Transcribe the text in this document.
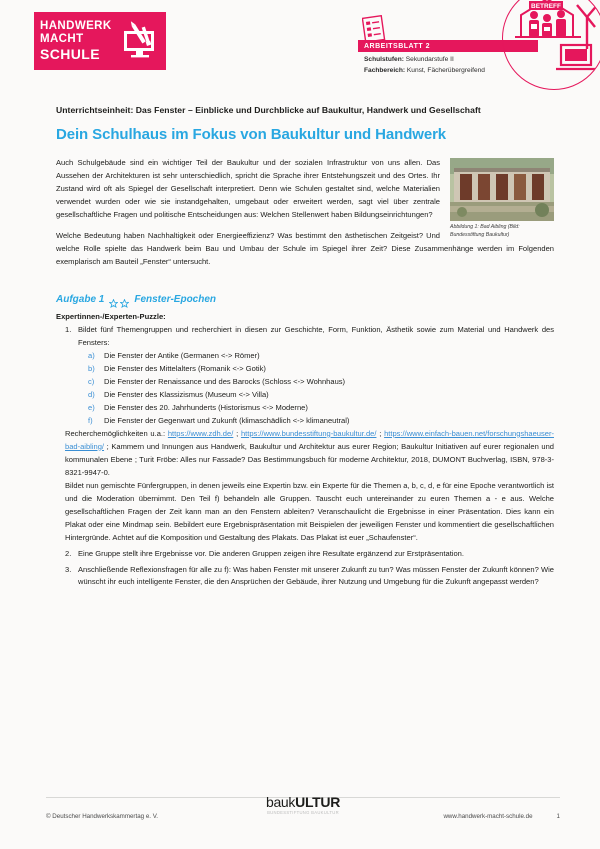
HANDWERK
MACHT
SCHULE	ARBEITSBLATT 2
Schulstufen: Sekundarstufe II
Fachbereich: Kunst, Fächerübergreifend
BETREFF
Unterrichtseinheit: Das Fenster – Einblicke und Durchblicke auf Baukultur, Handwerk und Gesellschaft
Dein Schulhaus im Fokus von Baukultur und Handwerk
Abbildung 1: Bad Aibling (Bild: Bundesstiftung Baukultur)

Auch Schulgebäude sind ein wichtiger Teil der Baukultur und der sozialen Infrastruktur von uns allen. Das Aussehen der Architekturen ist sehr unterschiedlich, spricht die Sprache ihrer Entstehungszeit und des Ortes. Ihr Zustand wird oft als Spiegel der Gesellschaft interpretiert. Denn wie Schulen gestaltet sind, welche Materialien verwendet wurden oder wie sie instandgehalten, umgebaut oder erweitert werden, sagt viel über zentrale gesellschaftliche Fragen und politische Entscheidungen aus: Welchen Stellenwert haben Bildungseinrichtungen?

Welche Bedeutung haben Nachhaltigkeit oder Energieeffizienz? Was bestimmt den ästhetischen Zeitgeist? Und welche Rolle spielte das Handwerk beim Bau und Umbau der Schule im Spiegel ihrer Zeit? Diese Zusammenhänge werden im Folgenden exemplarisch am Bauteil „Fenster“ untersucht.

Aufgabe 1	Fenster-Epochen
Expertinnen-/Experten-Puzzle:
Bildet fünf Themengruppen und recherchiert in diesen zur Geschichte, Form, Funktion, Ästhetik sowie zum Material und Handwerk des Fensters:
Die Fenster der Antike (Germanen <-> Römer)
Die Fenster des Mittelalters (Romanik <-> Gotik)
Die Fenster der Renaissance und des Barocks (Schloss <-> Wohnhaus)
Die Fenster des Klassizismus (Museum <-> Villa)
Die Fenster des 20. Jahrhunderts (Historismus <-> Moderne)
Die Fenster der Gegenwart und Zukunft (klimaschädlich <-> klimaneutral)
Recherchemöglichkeiten u.a.: https://www.zdh.de/ ; https://www.bundesstiftung-baukultur.de/ ; https://www.einfach-bauen.net/forschungshaeuser-bad-aibling/ ; Kammern und Innungen aus Handwerk, Baukultur und Architektur aus eurer Region; Baukultur Initiativen auf eurer regionalen und kommunalen Ebene ; Turit Fröbe: Alles nur Fassade? Das Bestimmungsbuch für moderne Architektur, 2018, DUMONT Buchverlag, ISBN, 978-3-8321-9947-0.
Bildet nun gemischte Fünfergruppen, in denen jeweils eine Expertin bzw. ein Experte für die Themen a, b, c, d, e für eine Epoche verantwortlich ist und die Moderation übernimmt. Den Teil f) behandeln alle Gruppen. Tauscht euch untereinander zu euren Themen a - e aus. Welche gesellschaftlichen Fragen der Zeit kann man an den Fenstern ableiten? Veranschaulicht die Ergebnisse in einer Präsentation. Dies kann ein Plakat oder eine Mindmap sein. Bebildert eure Ergebnispräsentation mit Beispielen der jeweiligen Fenster und kommentiert die gesellschaftlichen Hintergründe. Achtet auf die Komposition und Gestaltung des Plakats. Das Plakat ist euer „Schaufenster“.
Eine Gruppe stellt ihre Ergebnisse vor. Die anderen Gruppen zeigen ihre Resultate ergänzend zur Erstpräsentation.
Anschließende Reflexionsfragen für alle zu f): Was haben Fenster mit unserer Zukunft zu tun? Was müssen Fenster der Zukunft können? Wie wünscht ihr euch intelligente Fenster, die den Ansprüchen der Gebäude, ihrer Nutzung und Umgebung für die Zukunft angepasst werden?
baukULTUR
BUNDESSTIFTUNG BAUKULTUR
© Deutscher Handwerkskammertag e. V.	www.handwerk-macht-schule.de	1
